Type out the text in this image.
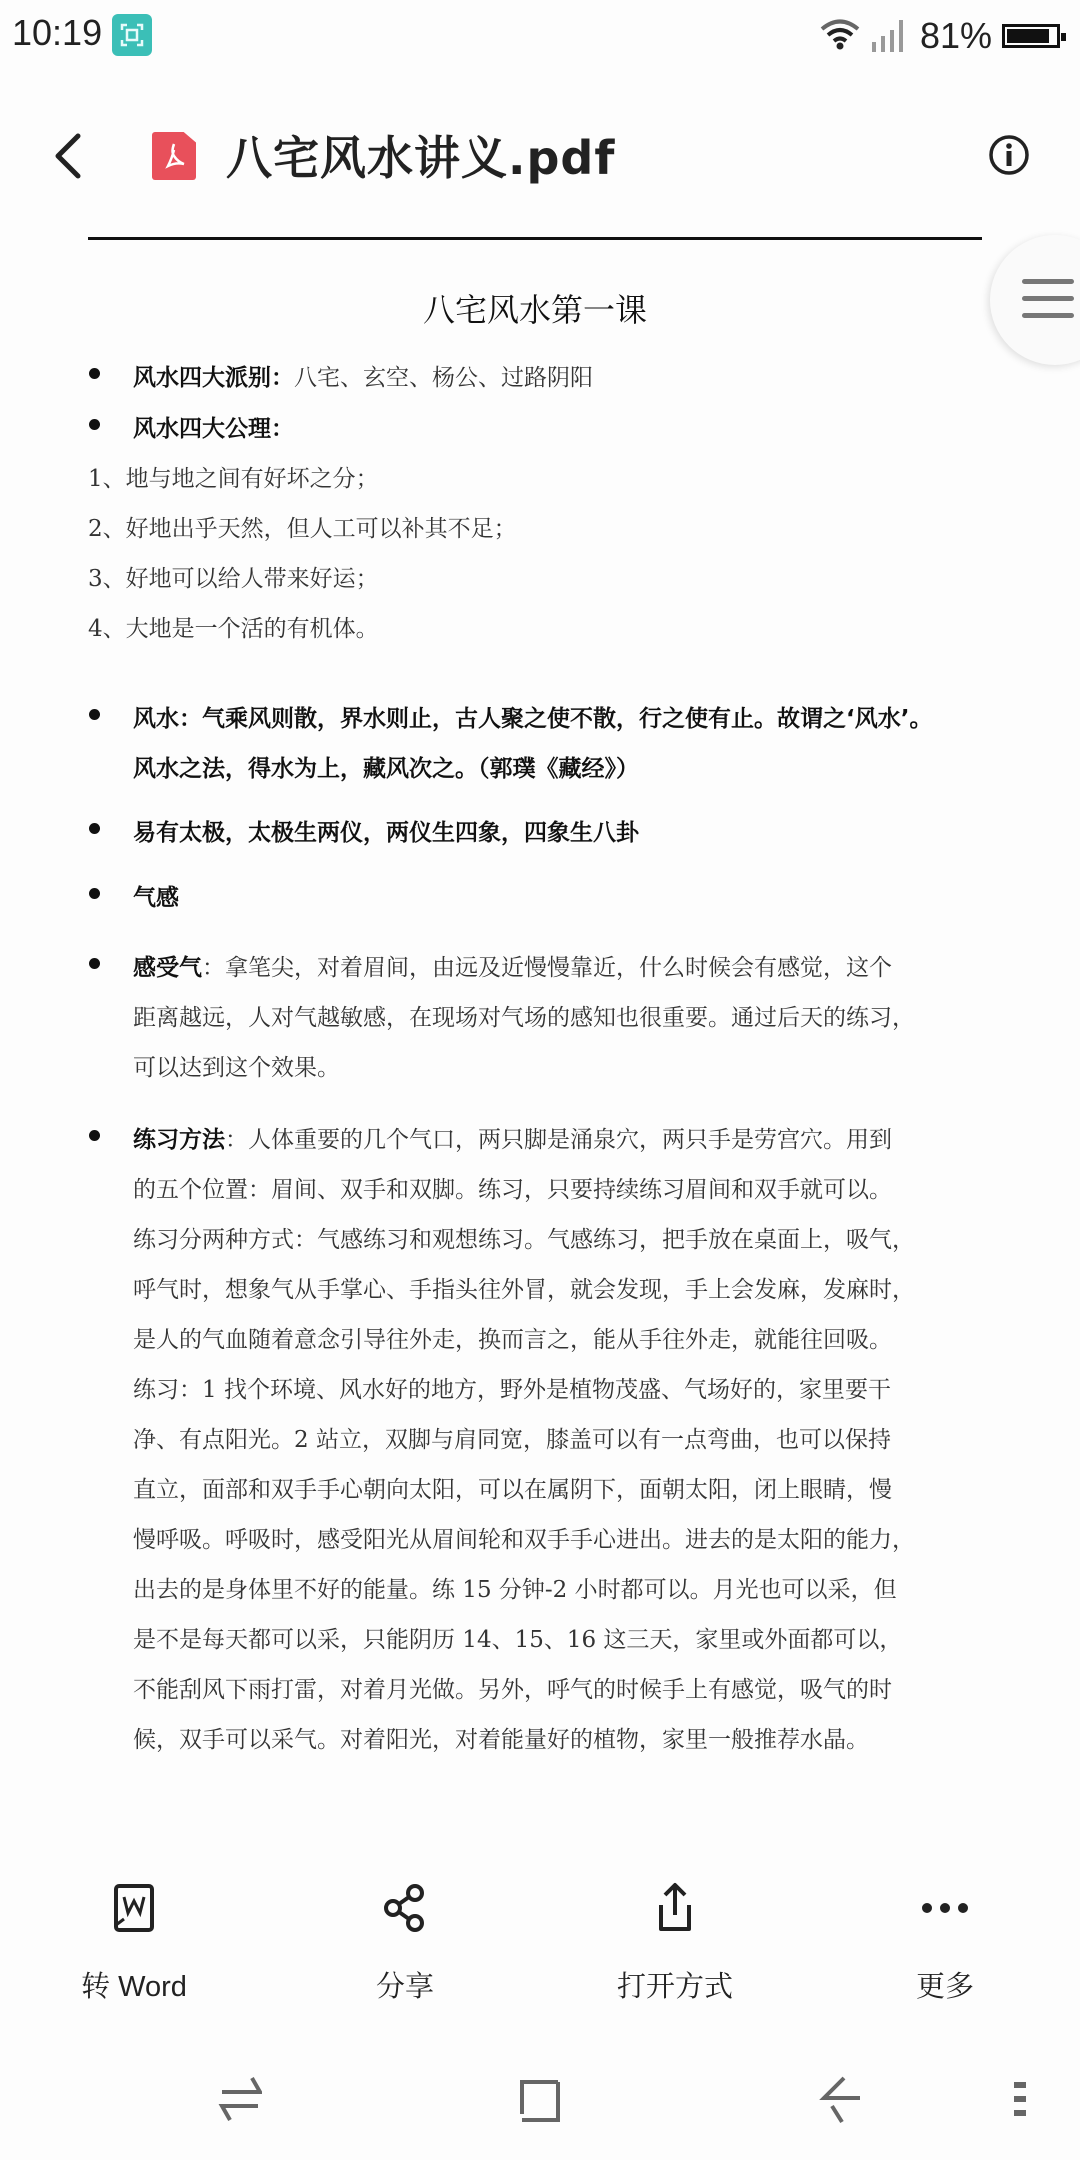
10:19	81%
八宅风水讲义.pdf
八宅风水第一课
风水四大派别：八宅、玄空、杨公、过路阴阳
风水四大公理：
1、地与地之间有好坏之分；
2、好地出乎天然，但人工可以补其不足；
3、好地可以给人带来好运；
4、大地是一个活的有机体。
风水：气乘风则散，界水则止，古人聚之使不散，行之使有止。故谓之‘风水’。
风水之法，得水为上，藏风次之。（郭璞《藏经》）
易有太极，太极生两仪，两仪生四象，四象生八卦
气感
感受气：拿笔尖，对着眉间，由远及近慢慢靠近，什么时候会有感觉，这个
距离越远，人对气越敏感，在现场对气场的感知也很重要。通过后天的练习，
可以达到这个效果。
练习方法：人体重要的几个气口，两只脚是涌泉穴，两只手是劳宫穴。用到
的五个位置：眉间、双手和双脚。练习，只要持续练习眉间和双手就可以。
练习分两种方式：气感练习和观想练习。气感练习，把手放在桌面上，吸气，
呼气时，想象气从手掌心、手指头往外冒，就会发现，手上会发麻，发麻时，
是人的气血随着意念引导往外走，换而言之，能从手往外走，就能往回吸。
练习：1 找个环境、风水好的地方，野外是植物茂盛、气场好的，家里要干
净、有点阳光。2 站立，双脚与肩同宽，膝盖可以有一点弯曲，也可以保持
直立，面部和双手手心朝向太阳，可以在属阴下，面朝太阳，闭上眼睛，慢
慢呼吸。呼吸时，感受阳光从眉间轮和双手手心进出。进去的是太阳的能力，
出去的是身体里不好的能量。练 15 分钟-2 小时都可以。月光也可以采，但
是不是每天都可以采，只能阴历 14、15、16 这三天，家里或外面都可以，
不能刮风下雨打雷，对着月光做。另外，呼气的时候手上有感觉，吸气的时
候，双手可以采气。对着阳光，对着能量好的植物，家里一般推荐水晶。
转 Word	分享	打开方式	更多
